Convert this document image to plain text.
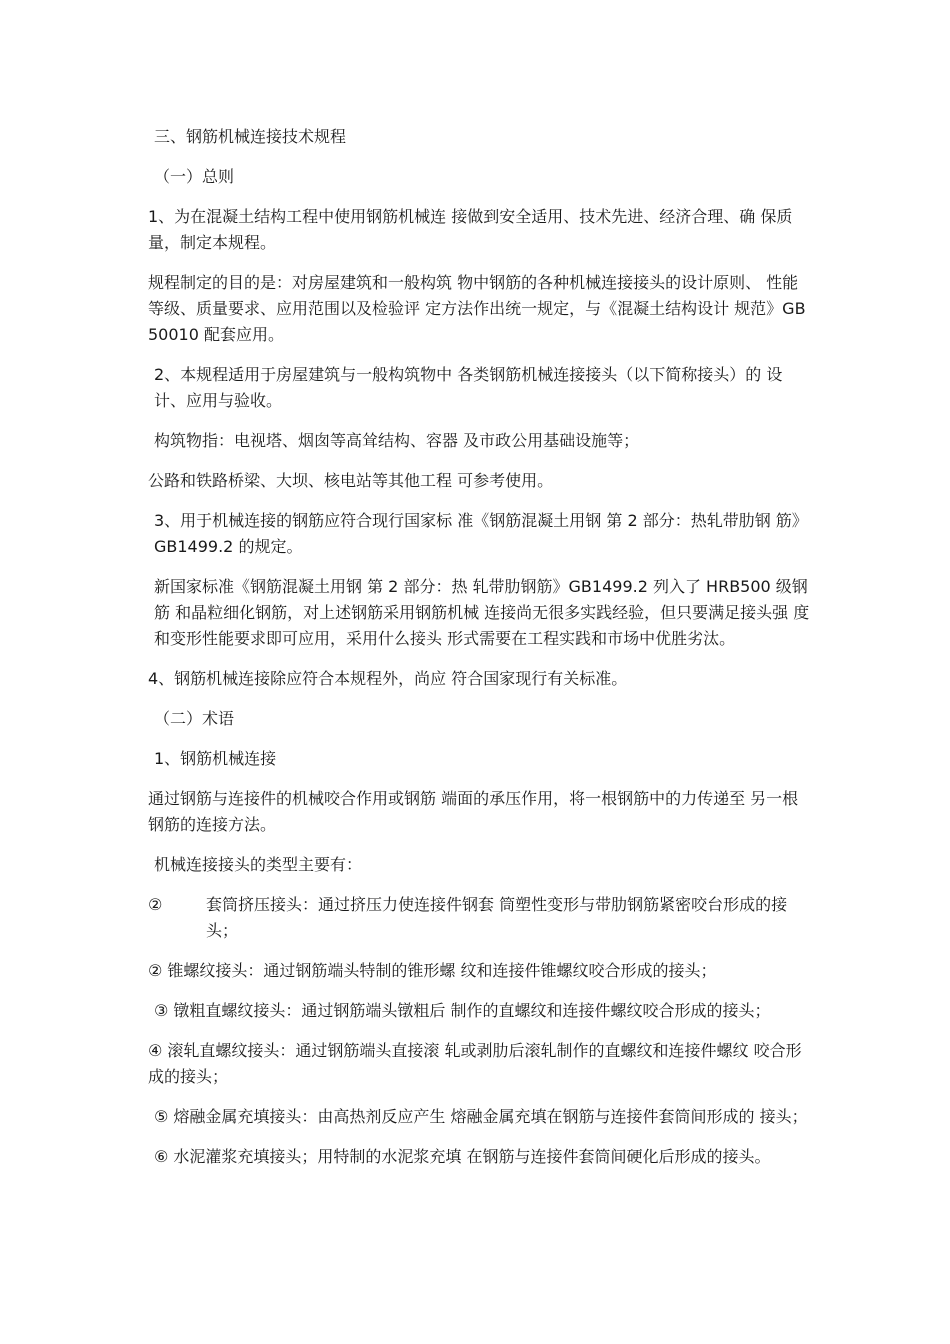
三、钢筋机械连接技术规程

（一）总则

1、为在混凝土结构工程中使用钢筋机械连 接做到安全适用、技术先进、经济合理、确 保质量，制定本规程。

规程制定的目的是：对房屋建筑和一般构筑 物中钢筋的各种机械连接接头的设计原则、 性能等级、质量要求、应用范围以及检验评 定方法作出统一规定，与《混凝土结构设计 规范》GB50010 配套应用。

2、本规程适用于房屋建筑与一般构筑物中 各类钢筋机械连接接头（以下简称接头）的 设计、应用与验收。

构筑物指：电视塔、烟囱等高耸结构、容器 及市政公用基础设施等；

公路和铁路桥梁、大坝、核电站等其他工程 可参考使用。

3、用于机械连接的钢筋应符合现行国家标 准《钢筋混凝土用钢 第 2 部分：热轧带肋钢 筋》GB1499.2 的规定。

新国家标准《钢筋混凝土用钢 第 2 部分：热 轧带肋钢筋》GB1499.2 列入了 HRB500 级钢筋 和晶粒细化钢筋，对上述钢筋采用钢筋机械 连接尚无很多实践经验，但只要满足接头强 度和变形性能要求即可应用，采用什么接头 形式需要在工程实践和市场中优胜劣汰。

4、钢筋机械连接除应符合本规程外，尚应 符合国家现行有关标准。

（二）术语

1、钢筋机械连接

通过钢筋与连接件的机械咬合作用或钢筋 端面的承压作用，将一根钢筋中的力传递至 另一根钢筋的连接方法。

机械连接接头的类型主要有：

②	套筒挤压接头：通过挤压力使连接件钢套 筒塑性变形与带肋钢筋紧密咬台形成的接头；

② 锥螺纹接头：通过钢筋端头特制的锥形螺 纹和连接件锥螺纹咬合形成的接头；

③ 镦粗直螺纹接头：通过钢筋端头镦粗后 制作的直螺纹和连接件螺纹咬合形成的接头；

④ 滚轧直螺纹接头：通过钢筋端头直接滚 轧或剥肋后滚轧制作的直螺纹和连接件螺纹 咬合形成的接头；

⑤ 熔融金属充填接头：由高热剂反应产生 熔融金属充填在钢筋与连接件套筒间形成的 接头；

⑥ 水泥灌浆充填接头；用特制的水泥浆充填 在钢筋与连接件套筒间硬化后形成的接头。
